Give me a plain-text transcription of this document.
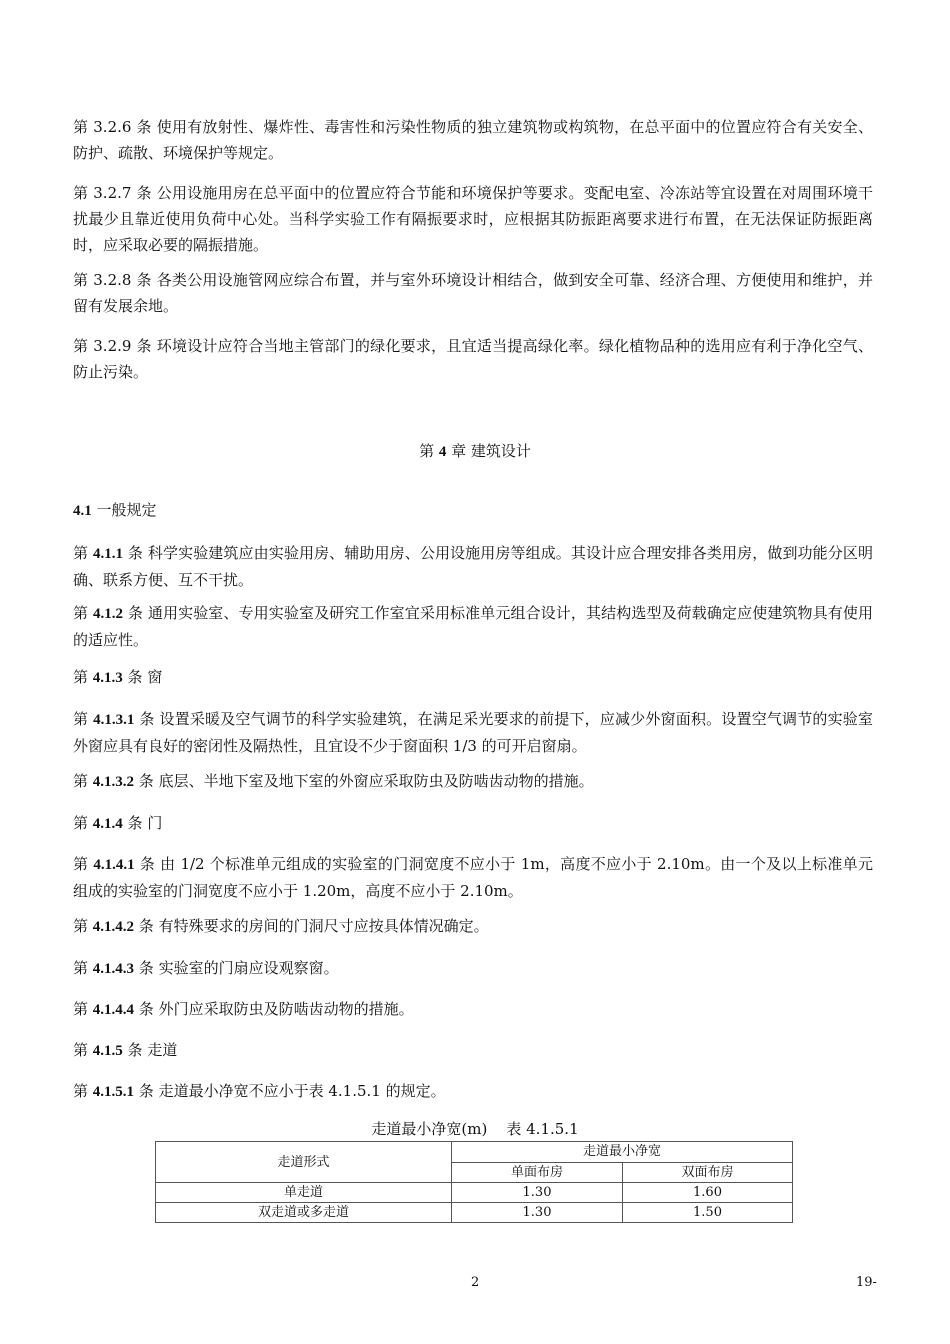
第 3.2.6 条 使用有放射性、爆炸性、毒害性和污染性物质的独立建筑物或构筑物，在总平面中的位置应符合有关安全、防护、疏散、环境保护等规定。
第 3.2.7 条 公用设施用房在总平面中的位置应符合节能和环境保护等要求。变配电室、冷冻站等宜设置在对周围环境干扰最少且靠近使用负荷中心处。当科学实验工作有隔振要求时，应根据其防振距离要求进行布置，在无法保证防振距离时，应采取必要的隔振措施。
第 3.2.8 条 各类公用设施管网应综合布置，并与室外环境设计相结合，做到安全可靠、经济合理、方便使用和维护，并留有发展余地。
第 3.2.9 条 环境设计应符合当地主管部门的绿化要求，且宜适当提高绿化率。绿化植物品种的选用应有利于净化空气、防止污染。
第 4 章 建筑设计
4.1 一般规定
第 4.1.1 条 科学实验建筑应由实验用房、辅助用房、公用设施用房等组成。其设计应合理安排各类用房，做到功能分区明确、联系方便、互不干扰。
第 4.1.2 条 通用实验室、专用实验室及研究工作室宜采用标准单元组合设计，其结构选型及荷载确定应使建筑物具有使用的适应性。
第 4.1.3 条 窗
第 4.1.3.1 条 设置采暖及空气调节的科学实验建筑，在满足采光要求的前提下，应减少外窗面积。设置空气调节的实验室外窗应具有良好的密闭性及隔热性，且宜设不少于窗面积 1/3 的可开启窗扇。
第 4.1.3.2 条 底层、半地下室及地下室的外窗应采取防虫及防啮齿动物的措施。
第 4.1.4 条 门
第 4.1.4.1 条 由 1/2 个标准单元组成的实验室的门洞宽度不应小于 1m，高度不应小于 2.10m。由一个及以上标准单元组成的实验室的门洞宽度不应小于 1.20m，高度不应小于 2.10m。
第 4.1.4.2 条 有特殊要求的房间的门洞尺寸应按具体情况确定。
第 4.1.4.3 条 实验室的门扇应设观察窗。
第 4.1.4.4 条 外门应采取防虫及防啮齿动物的措施。
第 4.1.5 条 走道
第 4.1.5.1 条 走道最小净宽不应小于表 4.1.5.1 的规定。
走道最小净宽(m)    表 4.1.5.1
走道形式	走道最小净宽	
	单面布房	双面布房
单走道	1.30	1.60
双走道或多走道	1.30	1.50
2	19-
